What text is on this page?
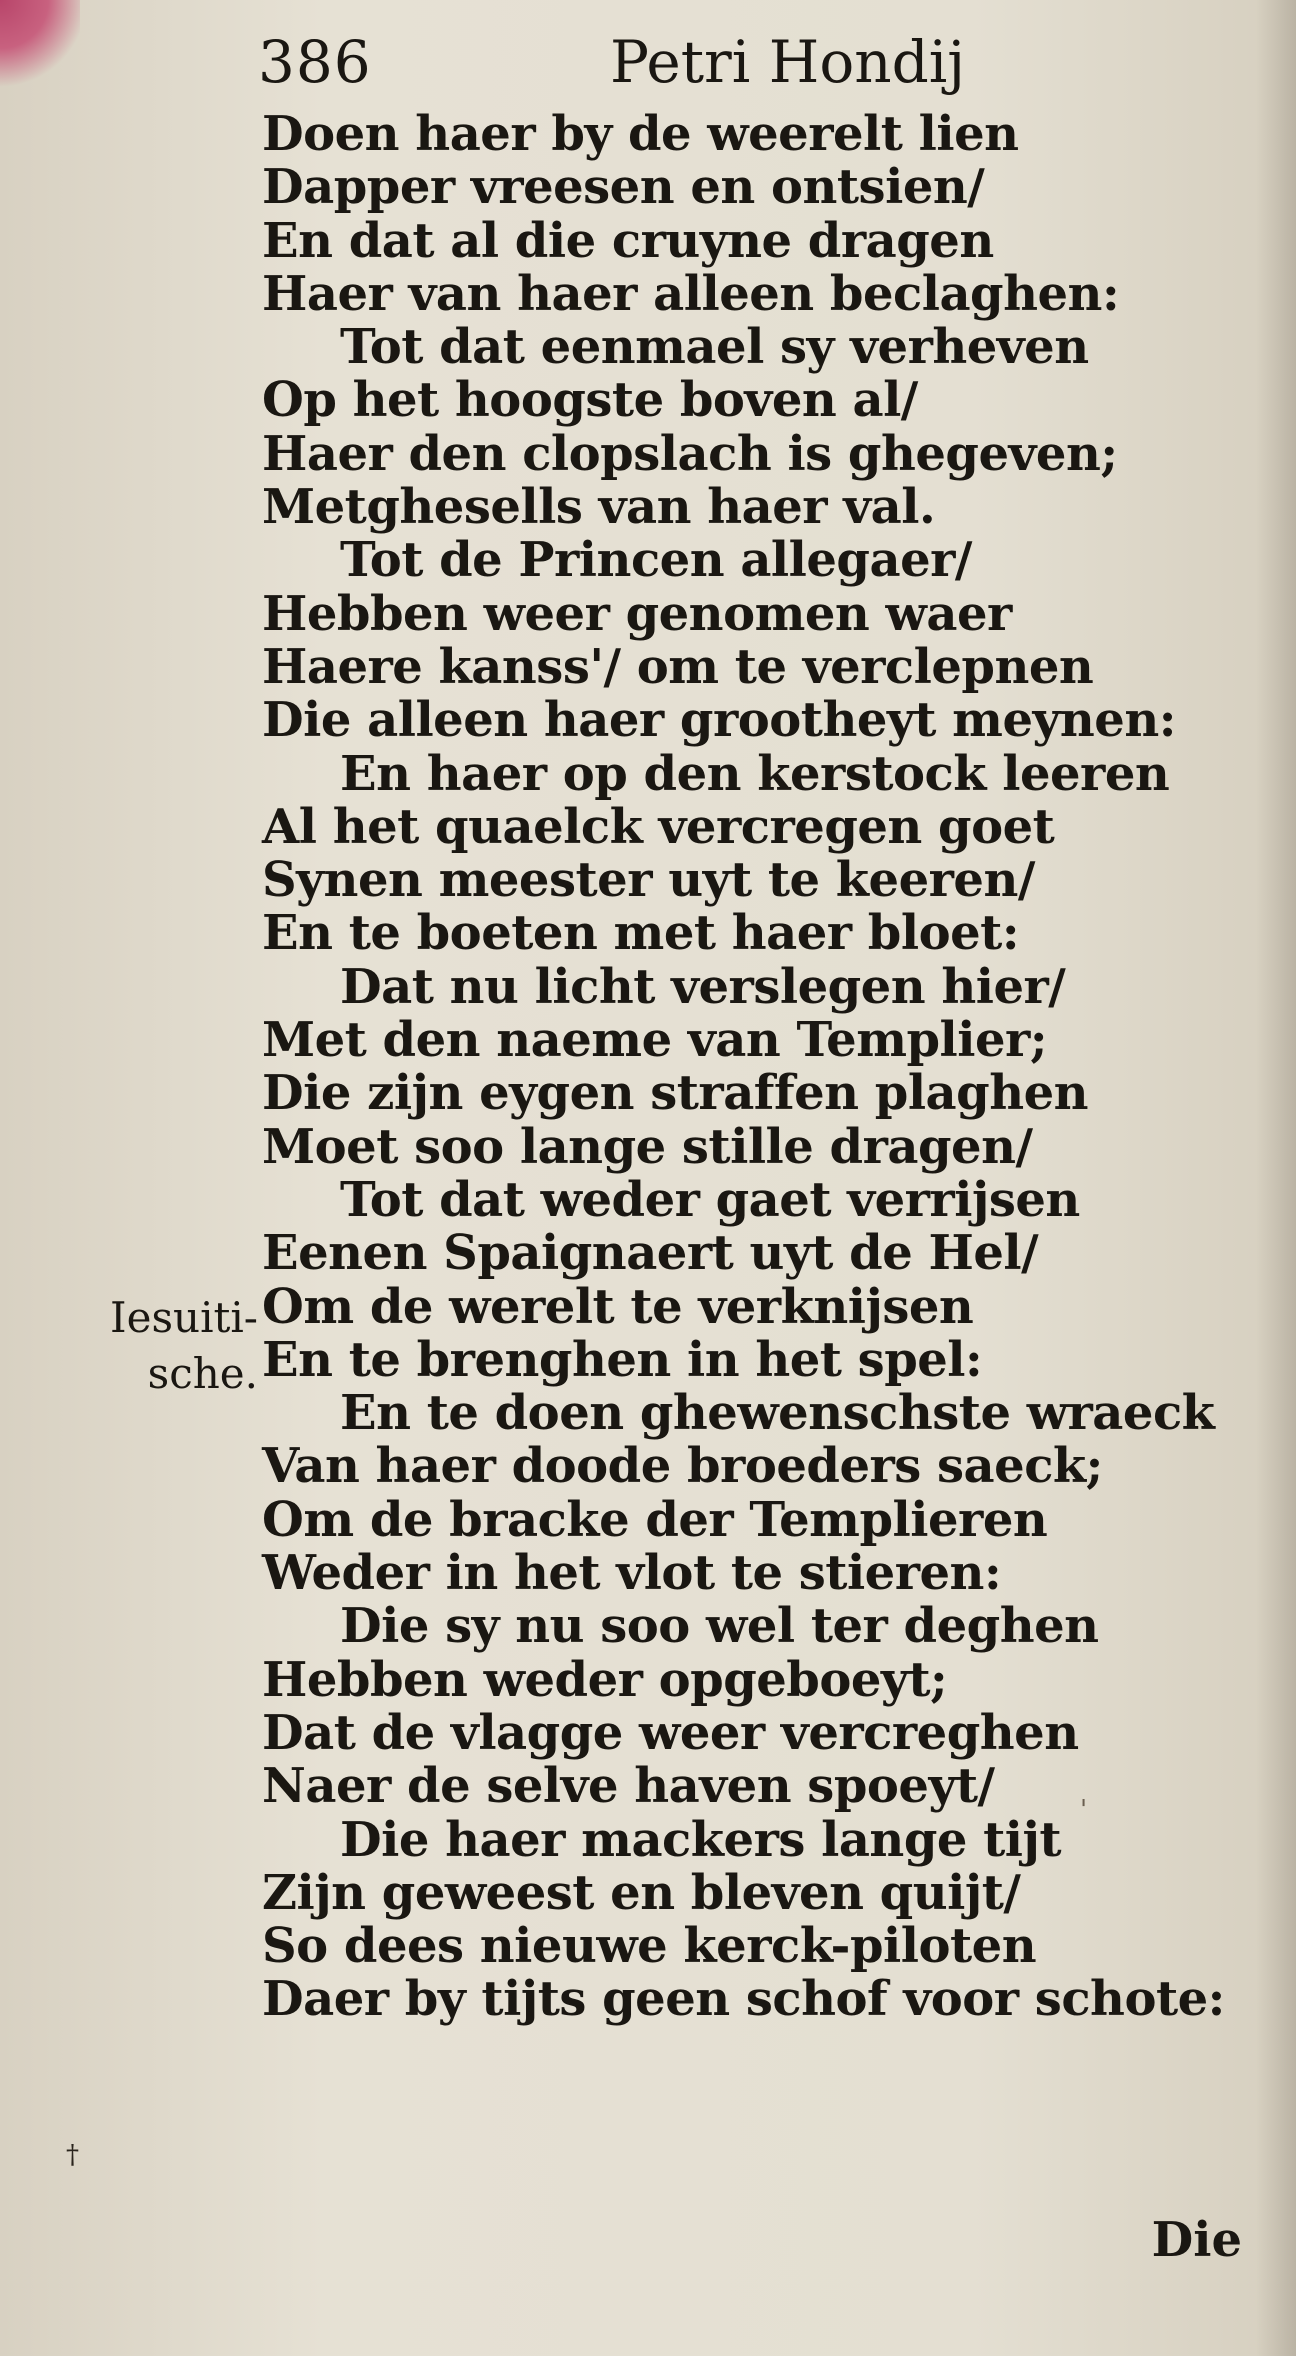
386	Petri Hondij
Doen haer by de weerelt lien
Dapper vreesen en ontsien/
En dat al die cruyne dragen
Haer van haer alleen beclaghen:
Tot dat eenmael sy verheven
Op het hoogste boven al/
Haer den clopslach is ghegeven;
Metghesells van haer val.
Tot de Princen allegaer/
Hebben weer genomen waer
Haere kanss'/ om te verclepnen
Die alleen haer grootheyt meynen:
En haer op den kerstock leeren
Al het quaelck vercregen goet
Synen meester uyt te keeren/
En te boeten met haer bloet:
Dat nu licht verslegen hier/
Met den naeme van Templier;
Die zijn eygen straffen plaghen
Moet soo lange stille dragen/
Tot dat weder gaet verrijsen
Eenen Spaignaert uyt de Hel/
Om de werelt te verknijsen
En te brenghen in het spel:
En te doen ghewenschste wraeck
Van haer doode broeders saeck;
Om de bracke der Templieren
Weder in het vlot te stieren:
Die sy nu soo wel ter deghen
Hebben weder opgeboeyt;
Dat de vlagge weer vercreghen
Naer de selve haven spoeyt/
Die haer mackers lange tijt
Zijn geweest en bleven quijt/
So dees nieuwe kerck-piloten
Daer by tijts geen schof voor schote:
Iesuiti-sche.
Die
†
'
